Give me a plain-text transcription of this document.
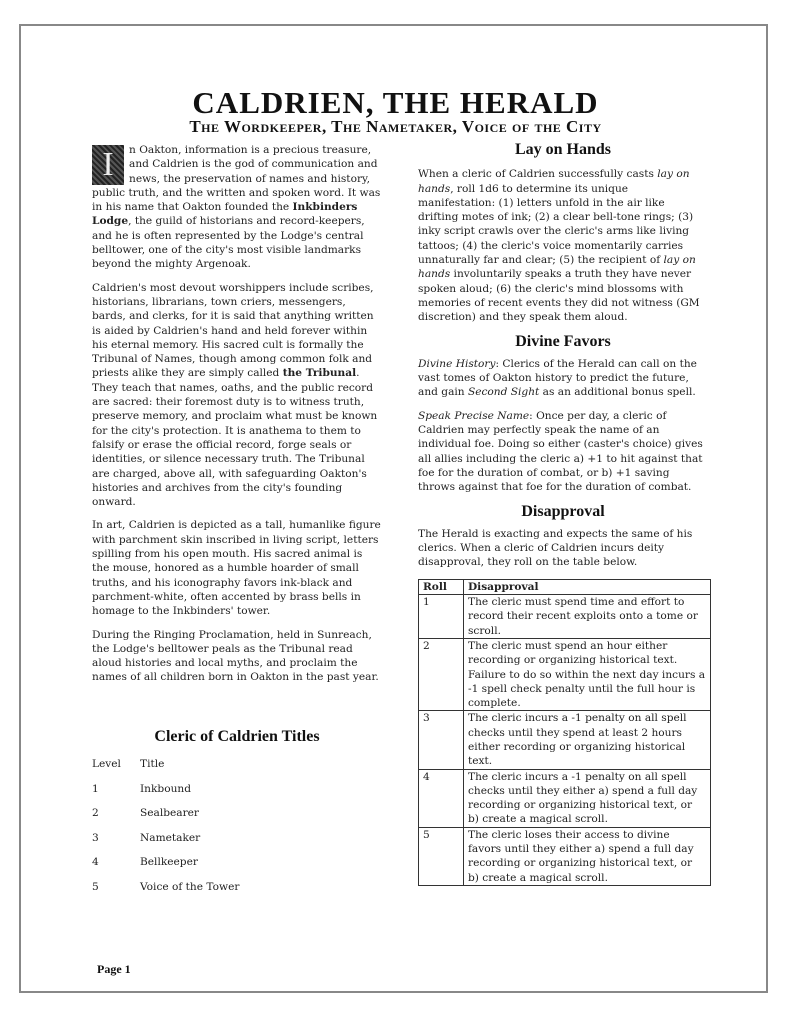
CALDRIEN, THE HERALD
The Wordkeeper, The Nametaker, Voice of the City

I	n Oakton, information is a precious treasure, and Caldrien is the god of communication and news, the preservation of names and history, public truth, and the written and spoken word. It was in his name that Oakton founded the Inkbinders Lodge, the guild of historians and record-keepers, and he is often represented by the Lodge's central belltower, one of the city's most visible landmarks beyond the mighty Argenoak.

Caldrien's most devout worshippers include scribes, historians, librarians, town criers, messengers, bards, and clerks, for it is said that anything written is aided by Caldrien's hand and held forever within his eternal memory. His sacred cult is formally the Tribunal of Names, though among common folk and priests alike they are simply called the Tribunal. They teach that names, oaths, and the public record are sacred: their foremost duty is to witness truth, preserve memory, and proclaim what must be known for the city's protection. It is anathema to them to falsify or erase the official record, forge seals or identities, or silence necessary truth. The Tribunal are charged, above all, with safeguarding Oakton's histories and archives from the city's founding onward.

In art, Caldrien is depicted as a tall, humanlike figure with parchment skin inscribed in living script, letters spilling from his open mouth. His sacred animal is the mouse, honored as a humble hoarder of small truths, and his iconography favors ink-black and parchment-white, often accented by brass bells in homage to the Inkbinders' tower.

During the Ringing Proclamation, held in Sunreach, the Lodge's belltower peals as the Tribunal read aloud histories and local myths, and proclaim the names of all children born in Oakton in the past year.

Cleric of Caldrien Titles
Level	Title
1	Inkbound
2	Sealbearer
3	Nametaker
4	Bellkeeper
5	Voice of the Tower
Lay on Hands

When a cleric of Caldrien successfully casts lay on hands, roll 1d6 to determine its unique manifestation: (1) letters unfold in the air like drifting motes of ink; (2) a clear bell-tone rings; (3) inky script crawls over the cleric's arms like living tattoos; (4) the cleric's voice momentarily carries unnaturally far and clear; (5) the recipient of lay on hands involuntarily speaks a truth they have never spoken aloud; (6) the cleric's mind blossoms with memories of recent events they did not witness (GM discretion) and they speak them aloud.

Divine Favors

Divine History: Clerics of the Herald can call on the vast tomes of Oakton history to predict the future, and gain Second Sight as an additional bonus spell.

Speak Precise Name: Once per day, a cleric of Caldrien may perfectly speak the name of an individual foe. Doing so either (caster's choice) gives all allies including the cleric a) +1 to hit against that foe for the duration of combat, or b) +1 saving throws against that foe for the duration of combat.

Disapproval

The Herald is exacting and expects the same of his clerics. When a cleric of Caldrien incurs deity disapproval, they roll on the table below.

Roll	Disapproval
1	The cleric must spend time and effort to record their recent exploits onto a tome or scroll.
2	The cleric must spend an hour either recording or organizing historical text. Failure to do so within the next day incurs a -1 spell check penalty until the full hour is complete.
3	The cleric incurs a -1 penalty on all spell checks until they spend at least 2 hours either recording or organizing historical text.
4	The cleric incurs a -1 penalty on all spell checks until they either a) spend a full day recording or organizing historical text, or b) create a magical scroll.
5	The cleric loses their access to divine favors until they either a) spend a full day recording or organizing historical text, or b) create a magical scroll.
Page 1
